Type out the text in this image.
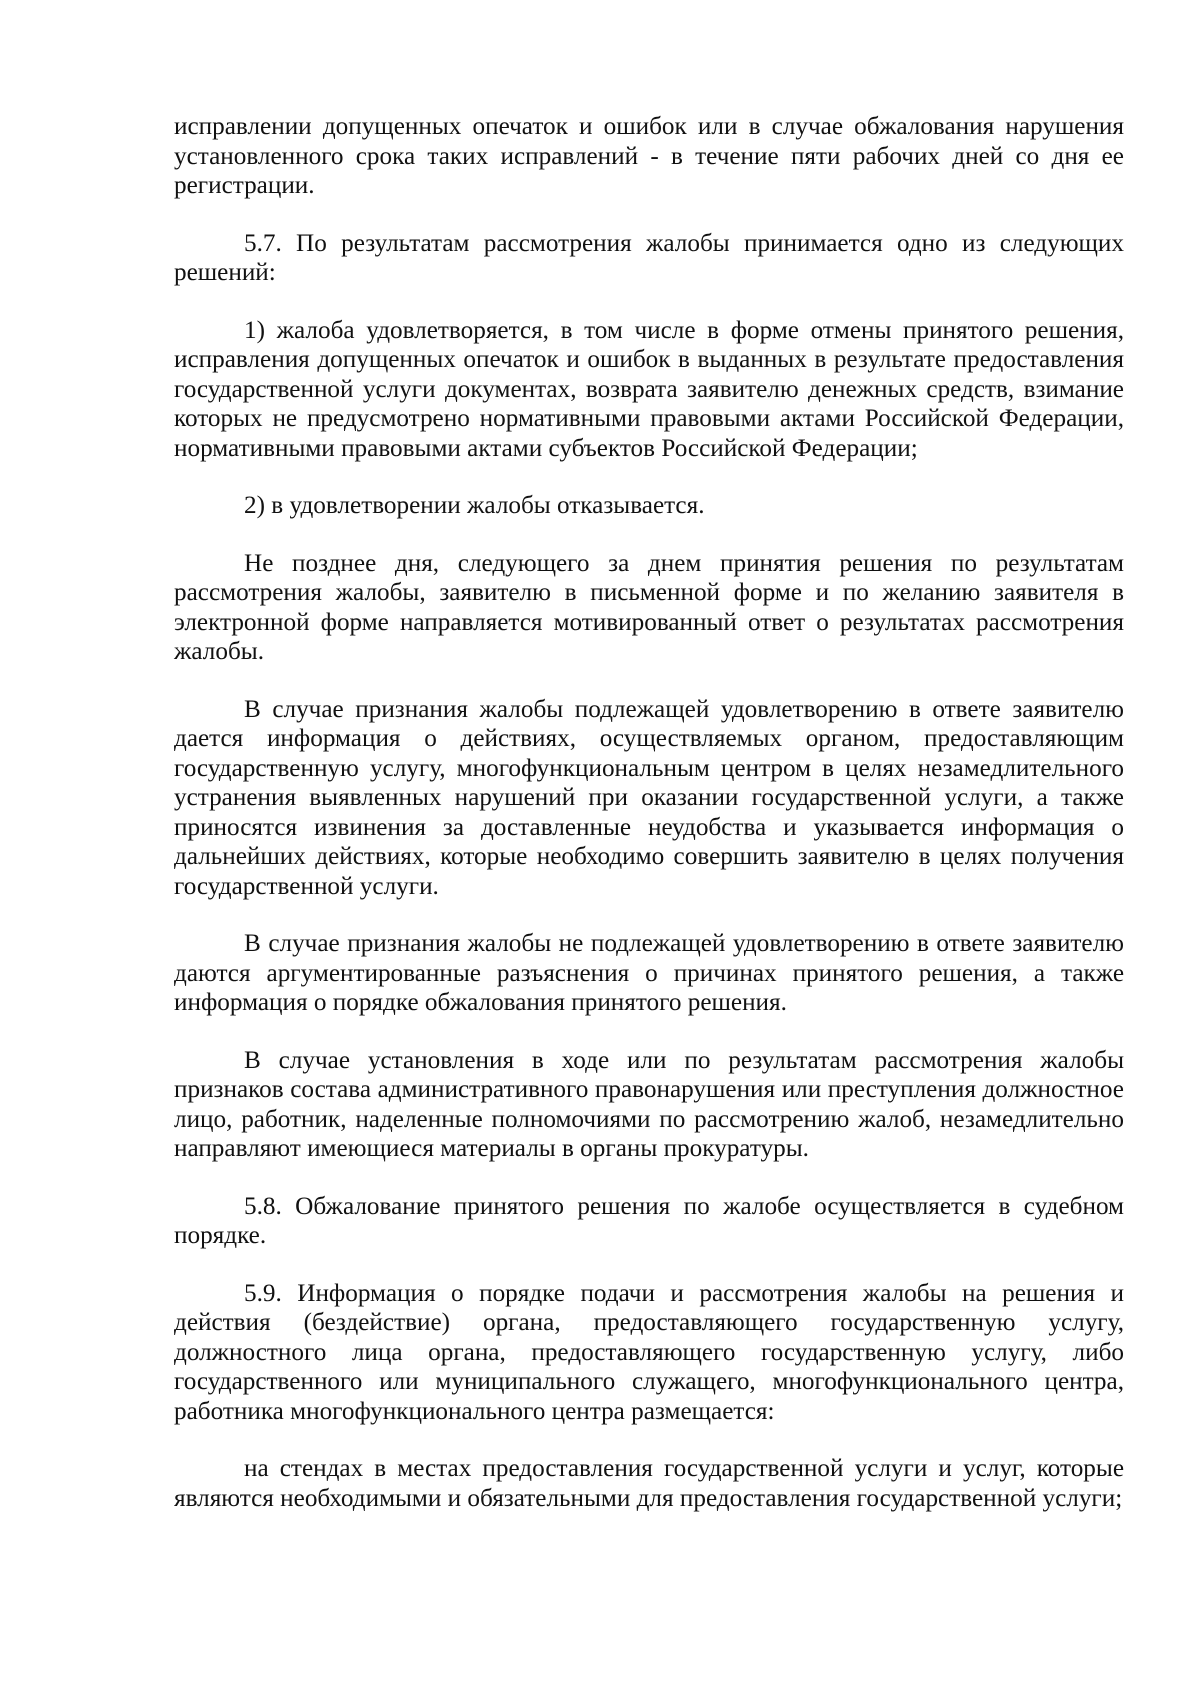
исправлении допущенных опечаток и ошибок или в случае обжалования нарушения установленного срока таких исправлений - в течение пяти рабочих дней со дня ее регистрации.

5.7. По результатам рассмотрения жалобы принимается одно из следующих решений:

1) жалоба удовлетворяется, в том числе в форме отмены принятого решения, исправления допущенных опечаток и ошибок в выданных в результате предоставления государственной услуги документах, возврата заявителю денежных средств, взимание которых не предусмотрено нормативными правовыми актами Российской Федерации, нормативными правовыми актами субъектов Российской Федерации;

2) в удовлетворении жалобы отказывается.

Не позднее дня, следующего за днем принятия решения по результатам рассмотрения жалобы, заявителю в письменной форме и по желанию заявителя в электронной форме направляется мотивированный ответ о результатах рассмотрения жалобы.

В случае признания жалобы подлежащей удовлетворению в ответе заявителю дается информация о действиях, осуществляемых органом, предоставляющим государственную услугу, многофункциональным центром в целях незамедлительного устранения выявленных нарушений при оказании государственной услуги, а также приносятся извинения за доставленные неудобства и указывается информация о дальнейших действиях, которые необходимо совершить заявителю в целях получения государственной услуги.

В случае признания жалобы не подлежащей удовлетворению в ответе заявителю даются аргументированные разъяснения о причинах принятого решения, а также информация о порядке обжалования принятого решения.

В случае установления в ходе или по результатам рассмотрения жалобы признаков состава административного правонарушения или преступления должностное лицо, работник, наделенные полномочиями по рассмотрению жалоб, незамедлительно направляют имеющиеся материалы в органы прокуратуры.

5.8. Обжалование принятого решения по жалобе осуществляется в судебном порядке.

5.9. Информация о порядке подачи и рассмотрения жалобы на решения и действия (бездействие) органа, предоставляющего государственную услугу, должностного лица органа, предоставляющего государственную услугу, либо государственного или муниципального служащего, многофункционального центра, работника многофункционального центра размещается:

на стендах в местах предоставления государственной услуги и услуг, которые являются необходимыми и обязательными для предоставления государственной услуги;
